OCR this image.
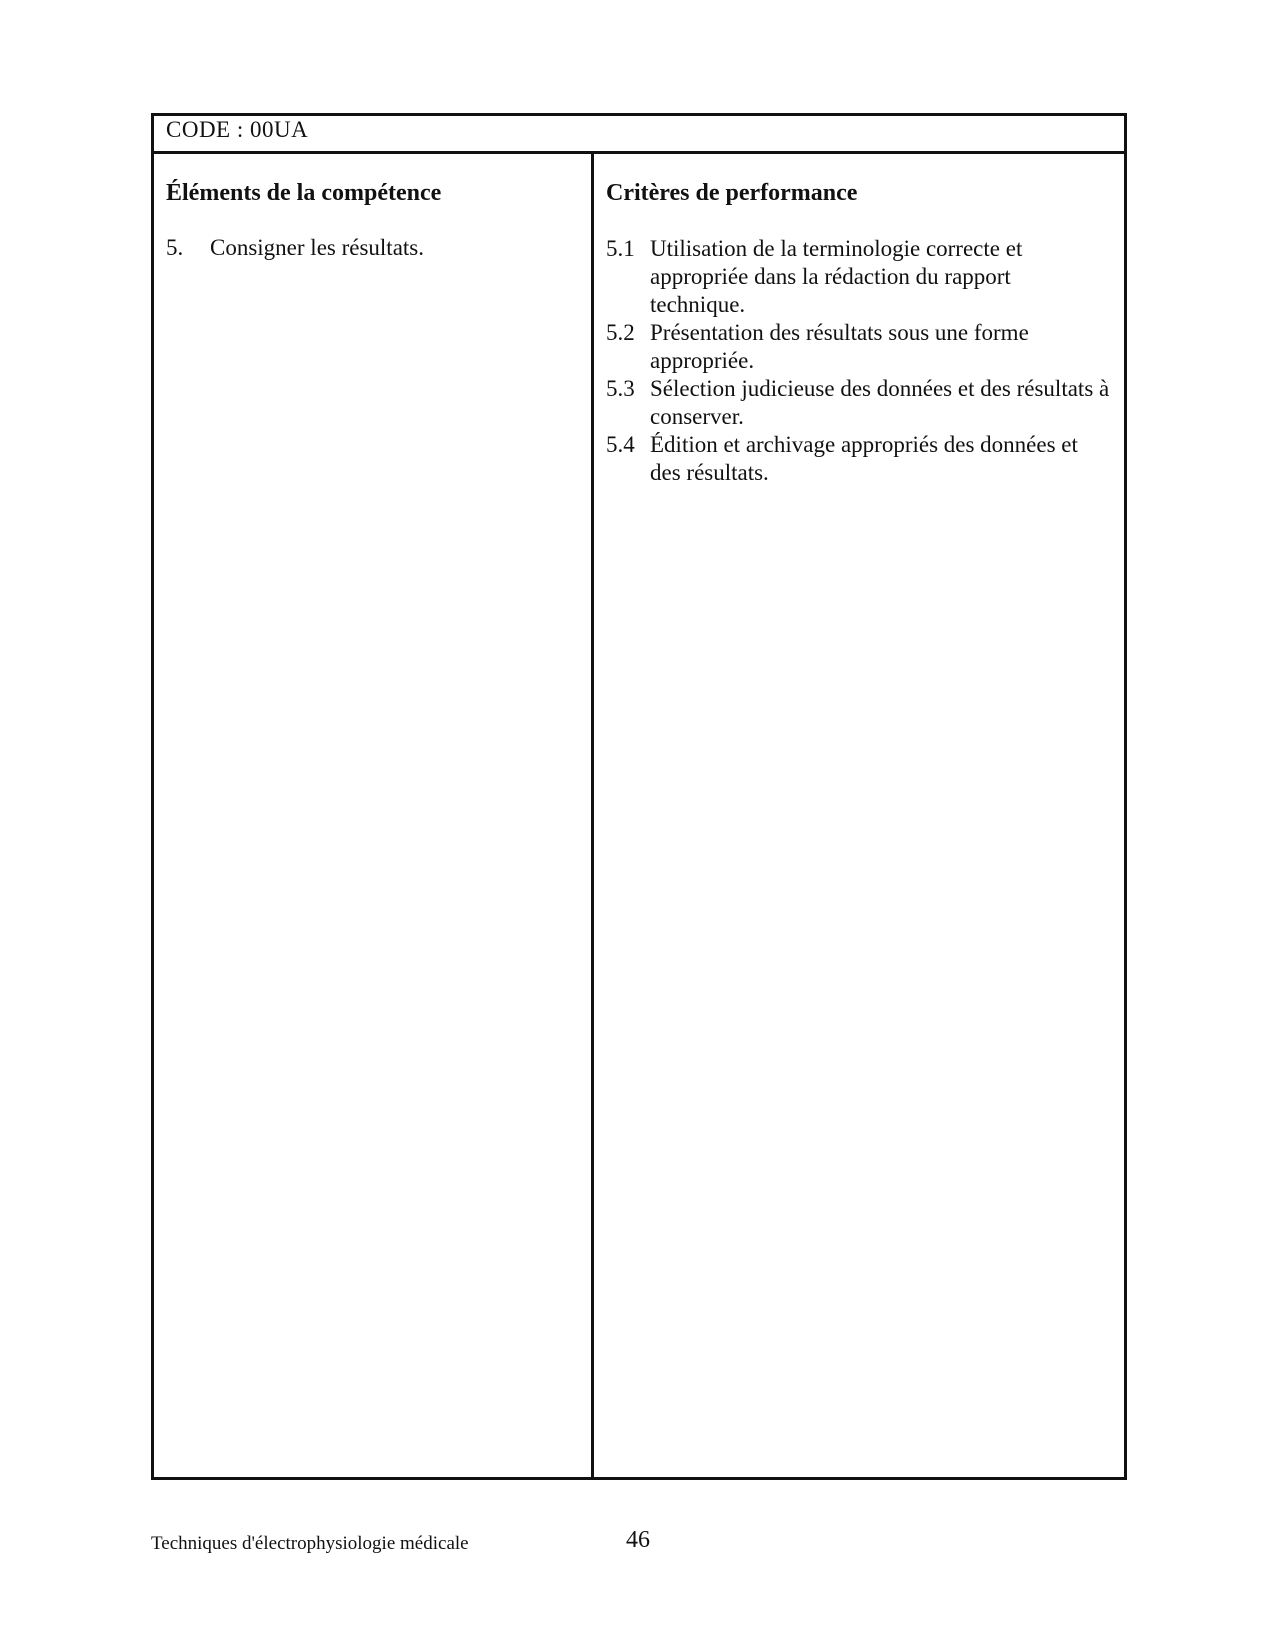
CODE : 00UA
Éléments de la compétence
5. Consigner les résultats.
Critères de performance
5.1 Utilisation de la terminologie correcte et appropriée dans la rédaction du rapport technique.
5.2 Présentation des résultats sous une forme appropriée.
5.3 Sélection judicieuse des données et des résultats à conserver.
5.4 Édition et archivage appropriés des données et des résultats.
Techniques d'électrophysiologie médicale	46
